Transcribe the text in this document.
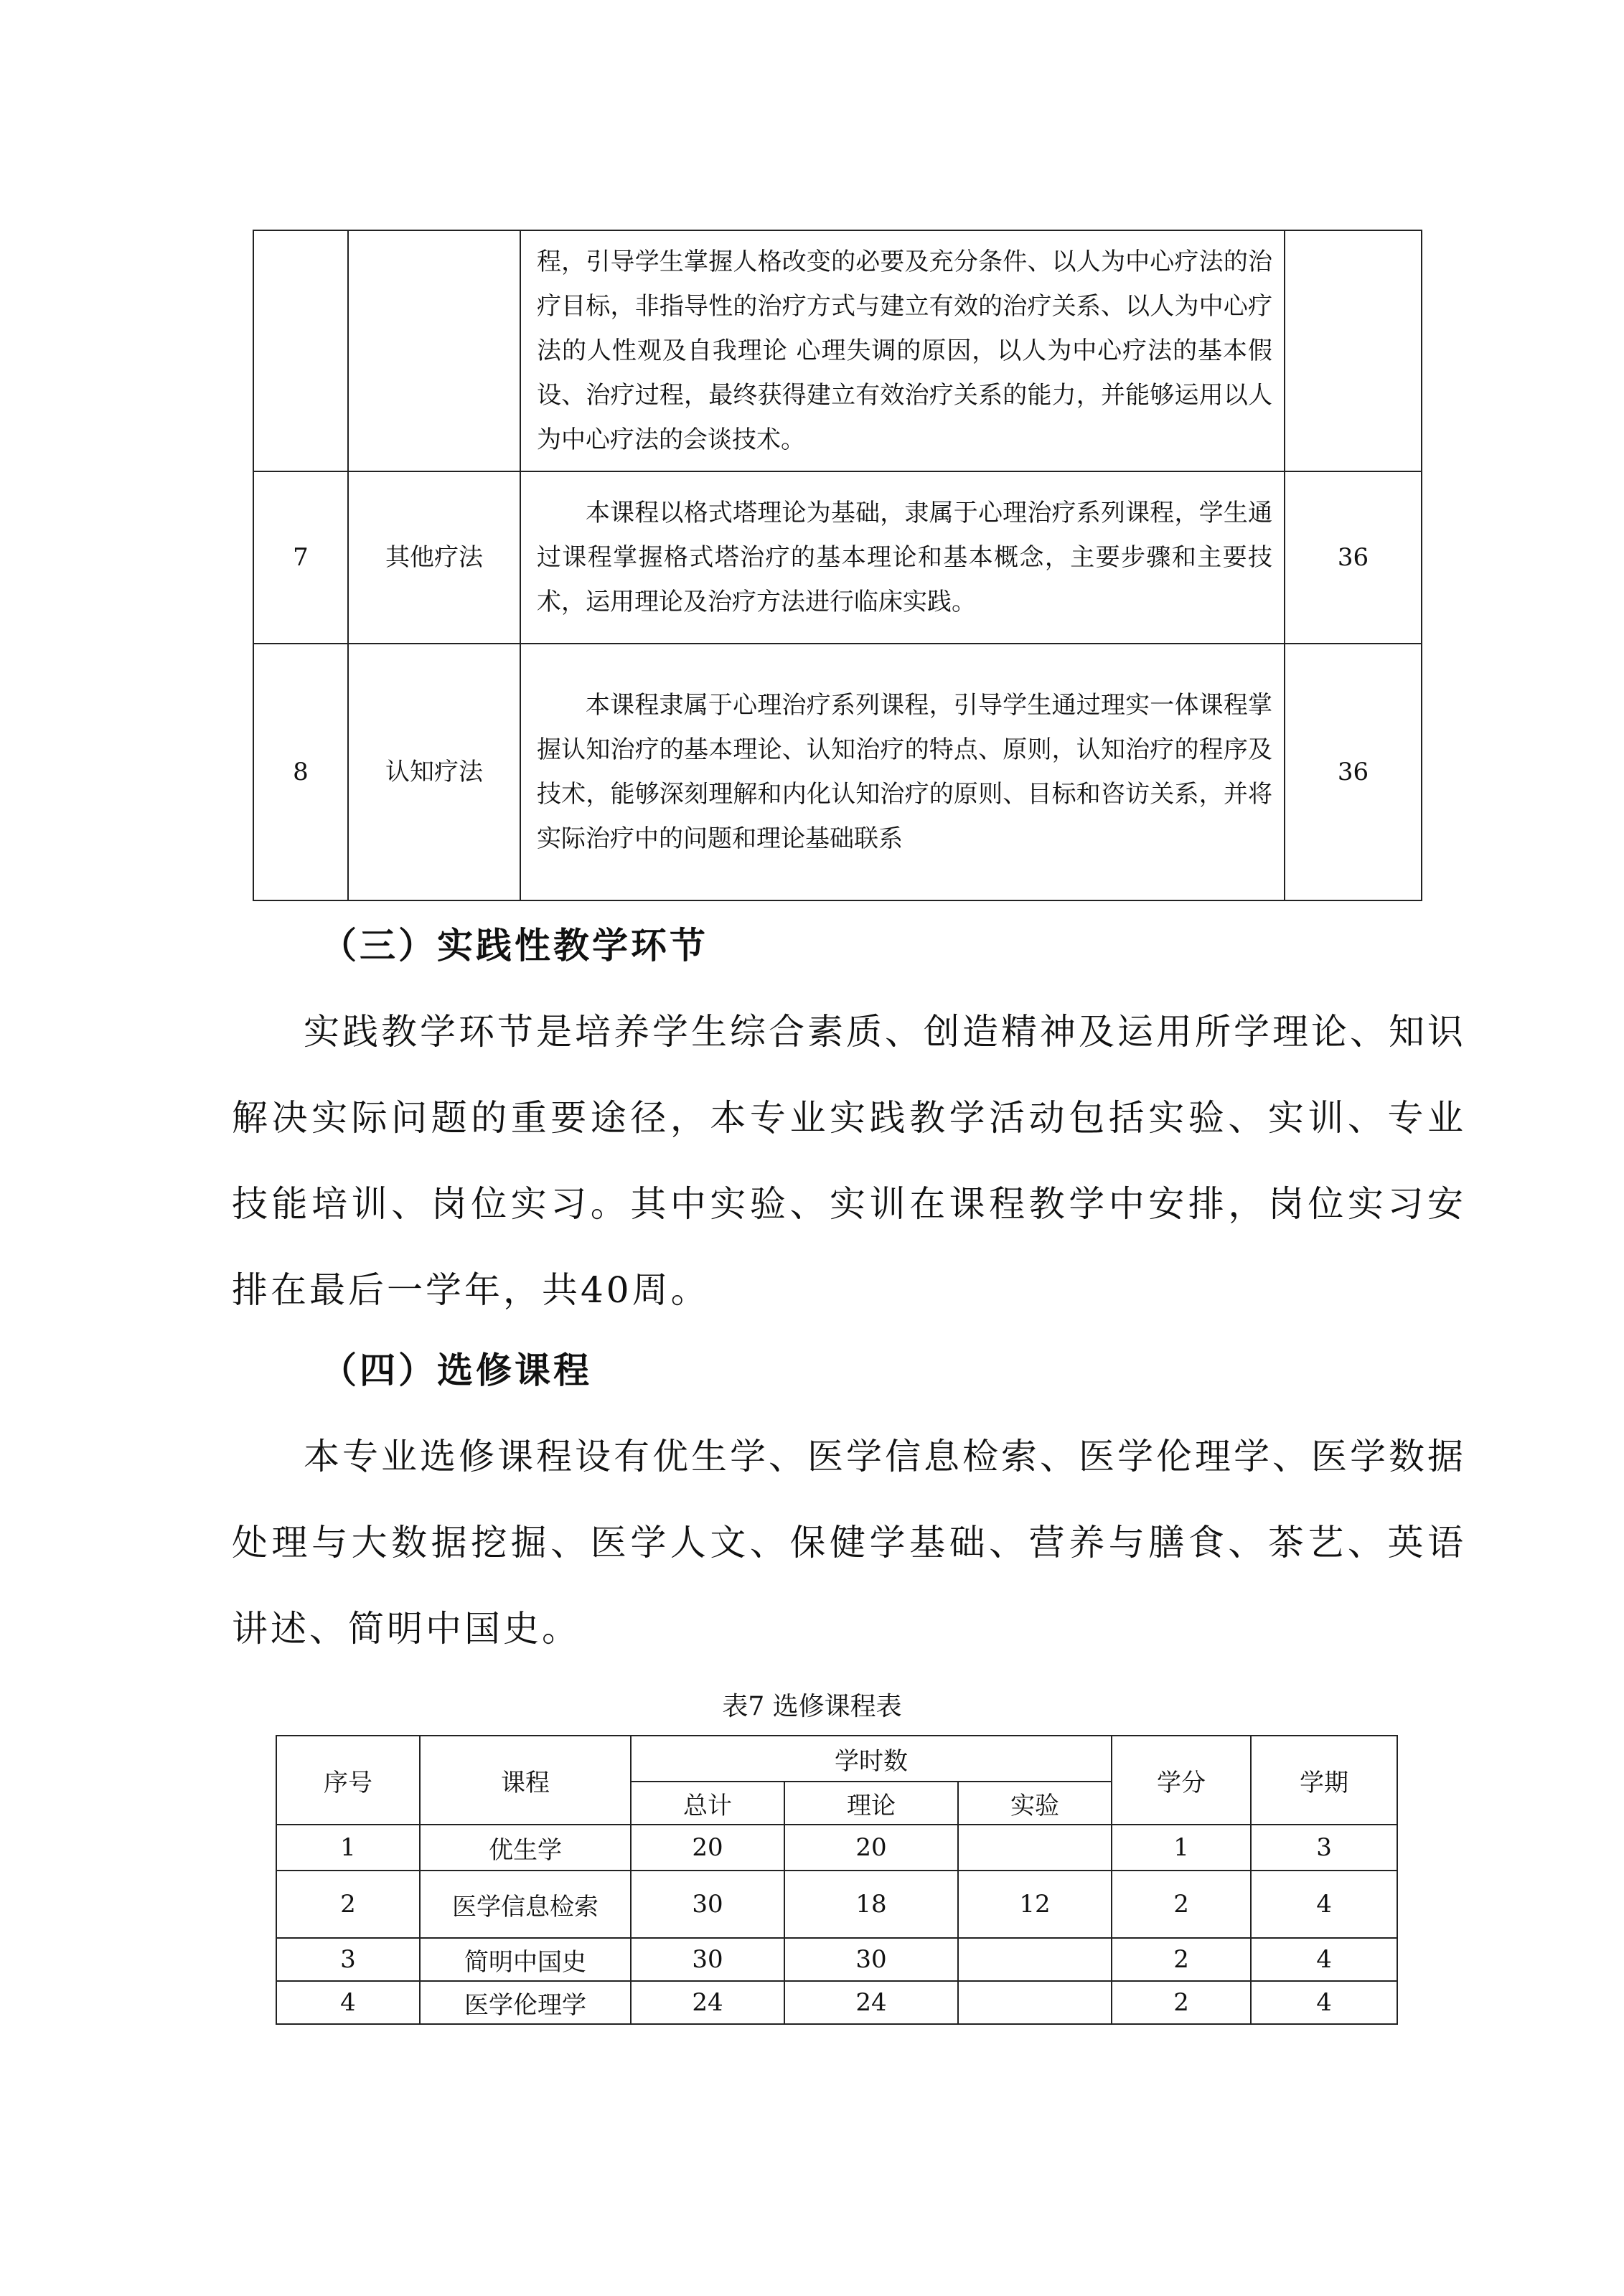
		程，引导学生掌握人格改变的必要及充分条件、以人为中心疗法的治疗目标，非指导性的治疗方式与建立有效的治疗关系、以人为中心疗法的人性观及自我理论 心理失调的原因，以人为中心疗法的基本假设、治疗过程，最终获得建立有效治疗关系的能力，并能够运用以人为中心疗法的会谈技术。	
7	其他疗法	本课程以格式塔理论为基础，隶属于心理治疗系列课程，学生通过课程掌握格式塔治疗的基本理论和基本概念，主要步骤和主要技术，运用理论及治疗方法进行临床实践。	36
8	认知疗法	本课程隶属于心理治疗系列课程，引导学生通过理实一体课程掌握认知治疗的基本理论、认知治疗的特点、原则，认知治疗的程序及技术，能够深刻理解和内化认知治疗的原则、目标和咨访关系，并将实际治疗中的问题和理论基础联系	36
（三）实践性教学环节

实践教学环节是培养学生综合素质、创造精神及运用所学理论、知识解决实际问题的重要途径，本专业实践教学活动包括实验、实训、专业技能培训、岗位实习。其中实验、实训在课程教学中安排，岗位实习安排在最后一学年，共40周。

（四）选修课程

本专业选修课程设有优生学、医学信息检索、医学伦理学、医学数据处理与大数据挖掘、医学人文、保健学基础、营养与膳食、茶艺、英语讲述、简明中国史。

表7 选修课程表

序号	课程	学时数			学分	学期
		总计	理论	实验		
1	优生学	20	20		1	3
2	医学信息检索	30	18	12	2	4
3	简明中国史	30	30		2	4
4	医学伦理学	24	24		2	4
